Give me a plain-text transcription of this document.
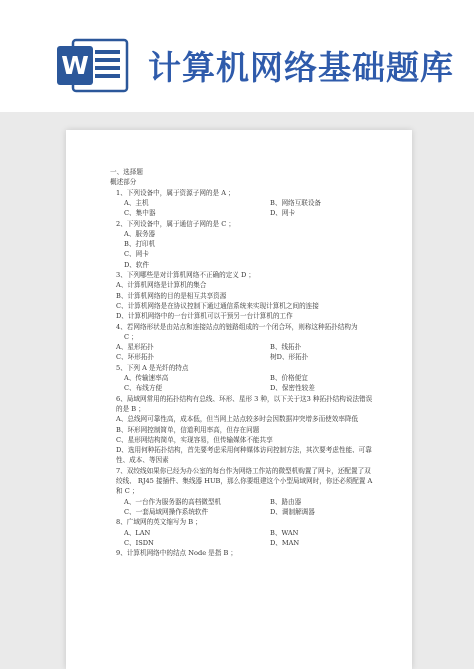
W 计算机网络基础题库
一、选择题
概述部分
1、下列设备中，属于资源子网的是 A ；
A、主机	B、网络互联设备
C、集中器	D、网卡
2、下列设备中，属于通信子网的是 C ；
A、服务器
B、打印机
C、网卡
D、软件
3、下列哪些是对计算机网络不正确的定义 D ；
A、计算机网络是计算机的集合
B、计算机网络的目的是相互共享资源
C、计算机网络是在协议控制下通过通信系统来实现计算机之间的连接
D、计算机网络中的一台计算机可以干预另一台计算机的工作
4、若网络形状是由站点和连接站点的链路组成的一个闭合环，则称这种拓扑结构为
C ；
A、星形拓扑	B、线拓扑
C、环形拓扑	树D、形拓扑
5、下列 A 是光纤的特点
A、传输速率高	B、价格便宜
C、布线方便	D、保密性较差
6、局域网常用的拓扑结构有总线、环形、星形 3 种，以下关于这3 种拓扑结构说法错误
的是 B ；
A、总线网可靠性高，成本低，但当网上站点较多时会因数据冲突增多而使效率降低
B、环形网控制简单，信道利用率高，但存在问题
C、星形网结构简单，实现容易，但传输媒体不能共享
D、选用何种拓扑结构，首先要考虑采用何种媒体访问控制方法，其次要考虑性能、可靠
性、成本、等因素
7、双绞线如果你已经为办公室的每台作为网络工作站的微型机购置了网卡，还配置了双
绞线、 RJ45 接插件、集线器 HUB，那么你要组建这个小型局域网时，你还必须配置 A
和 C ；
A、一台作为服务器的高档微型机	B、路由器
C、一套局域网操作系统软件	D、调制解调器
8、广域网的英文缩写为 B ；
A、LAN	B、WAN
C、ISDN	D、MAN
9、计算机网络中的结点 Node 是指 B ；
